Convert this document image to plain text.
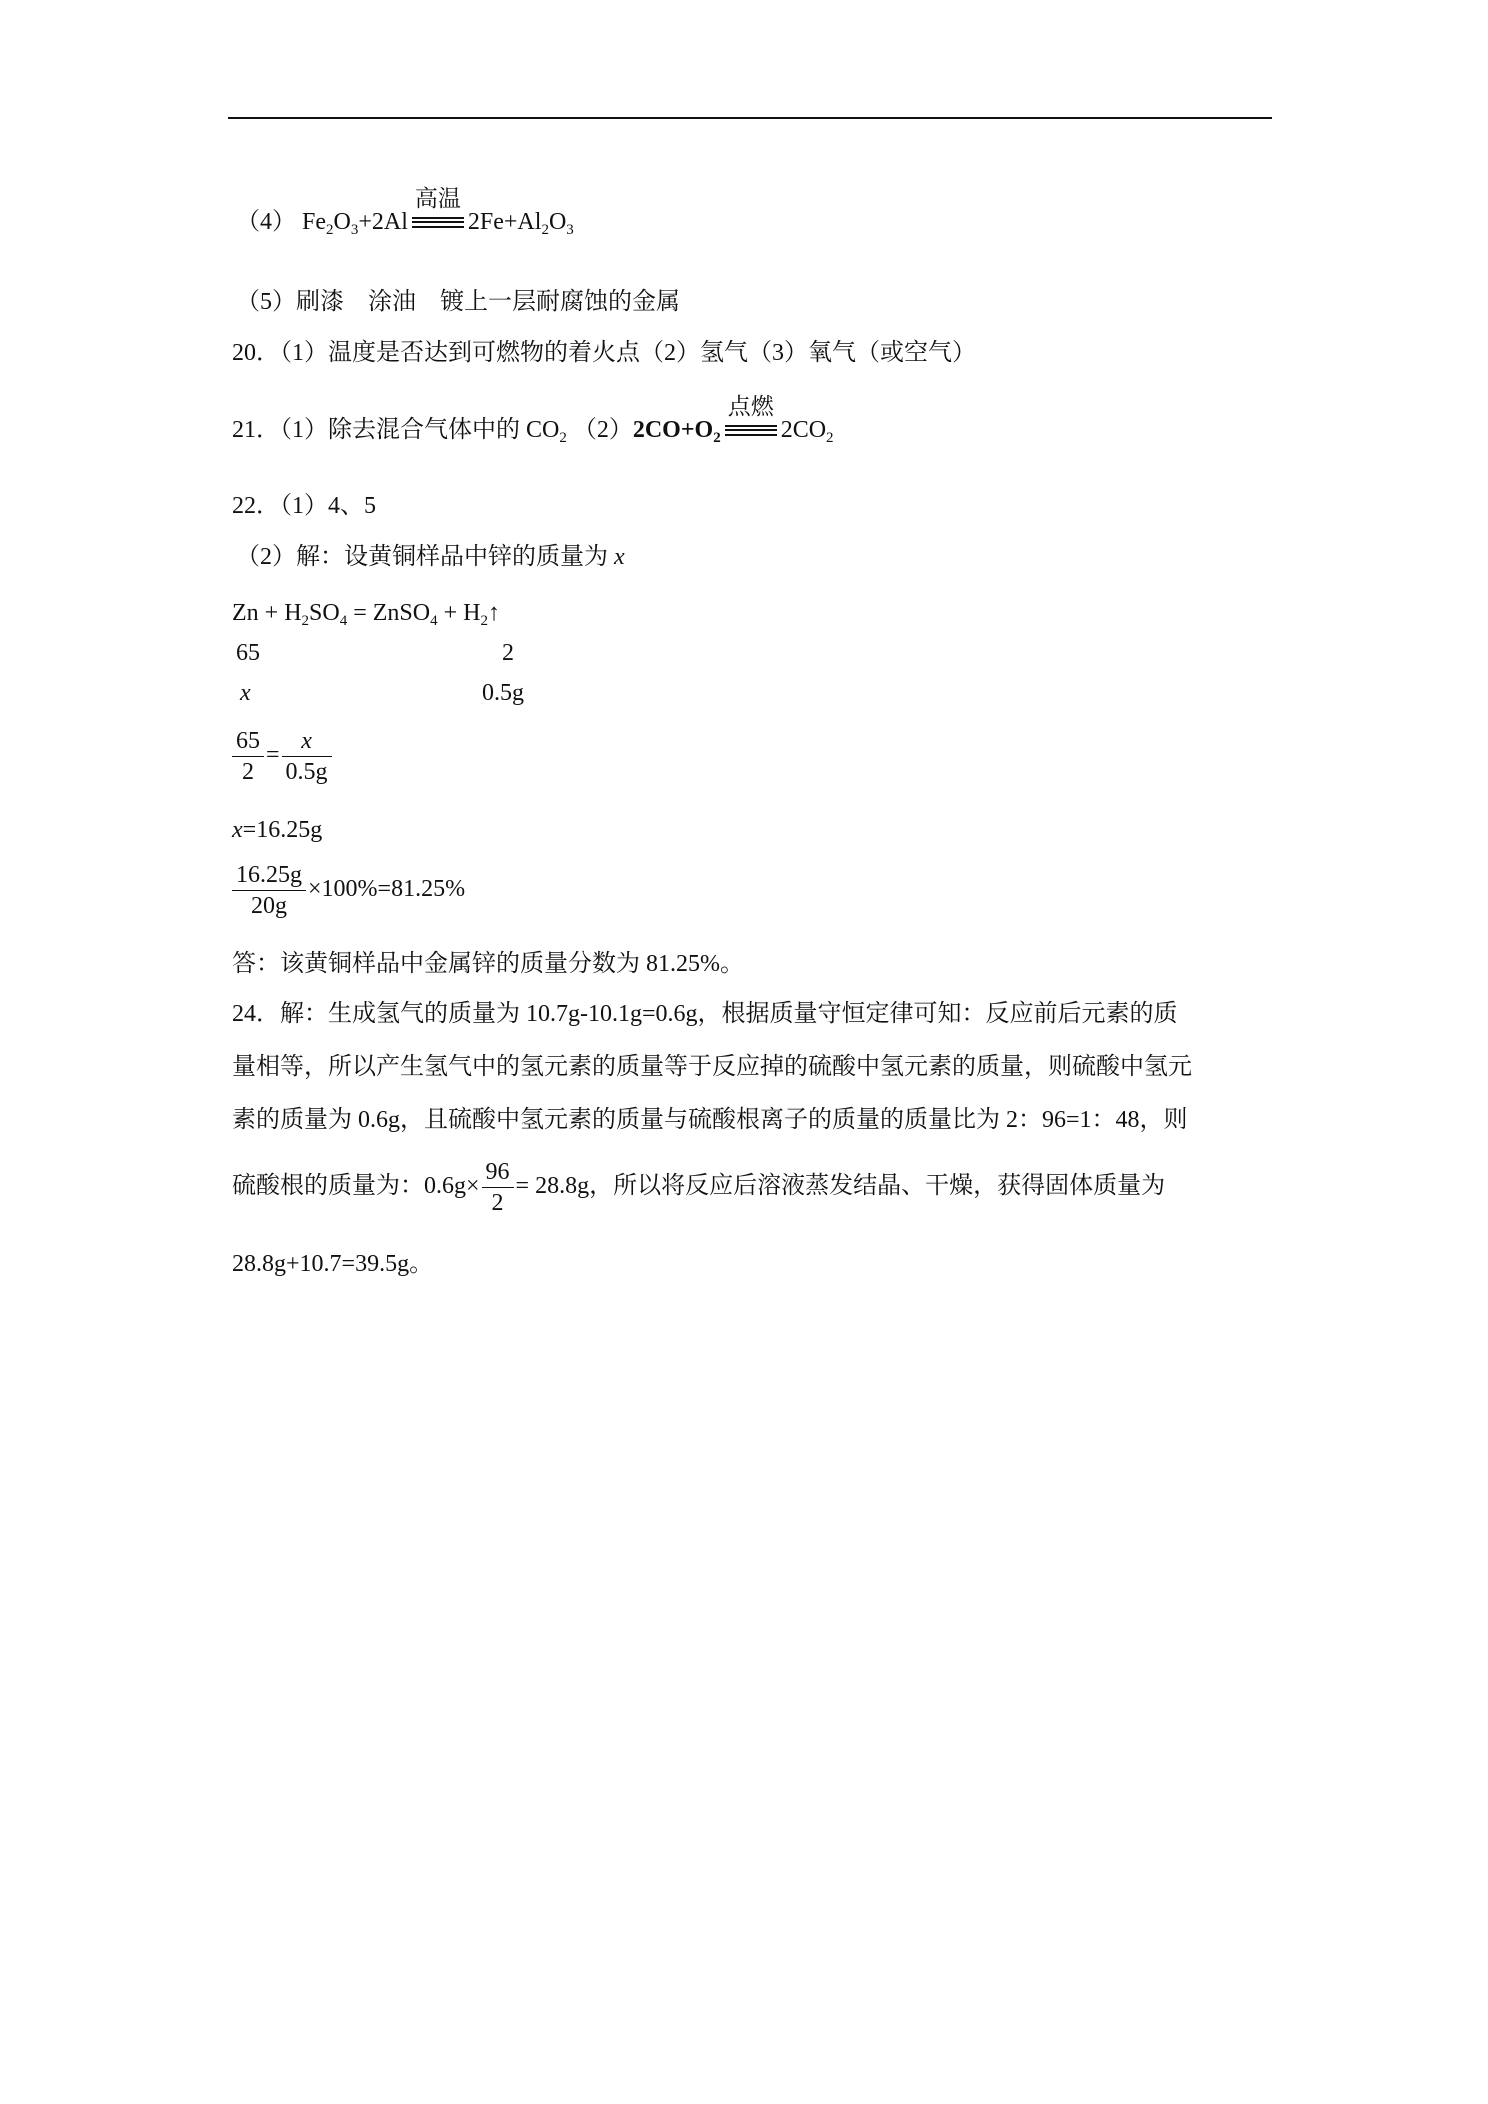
（4） $Fe_2O_3+2Al$
高温
$2Fe+Al_2O_3$
（5）刷漆　涂油　镀上一层耐腐蚀的金属
20．（1）温度是否达到可燃物的着火点（2）氢气（3）氧气（或空气）
21．（1）除去混合气体中的 $CO_2$ $(2)2CO+O_2$
点燃
$2CO_2$
22．（1）4、5
（2）解：设黄铜样品中锌的质量为 x
$Zn + H_2SO_4$ = ZnSO$_4$ + $H_2↑$
65	2
x	0.5g
$\frac{65}{2} = \frac{x}{0.5g}$
x=16.25g
$\frac{16.25g}{20g} \times 100\%=81.25\%$
答：该黄铜样品中金属锌的质量分数为 81.25%。
24．解：生成氢气的质量为 10.7g-10.1g=0.6g，根据质量守恒定律可知：反应前后元素的质
量相等，所以产生氢气中的氢元素的质量等于反应掉的硫酸中氢元素的质量，则硫酸中氢元
素的质量为 0.6g，且硫酸中氢元素的质量与硫酸根离子的质量的质量比为 2：96=1：48，则
硫酸根的质量为：$0.6g\times \frac{96}{2} = 28.8g$，所以将反应后溶液蒸发结晶、干燥，获得固体质量为
28.8g+10.7=39.5g。
